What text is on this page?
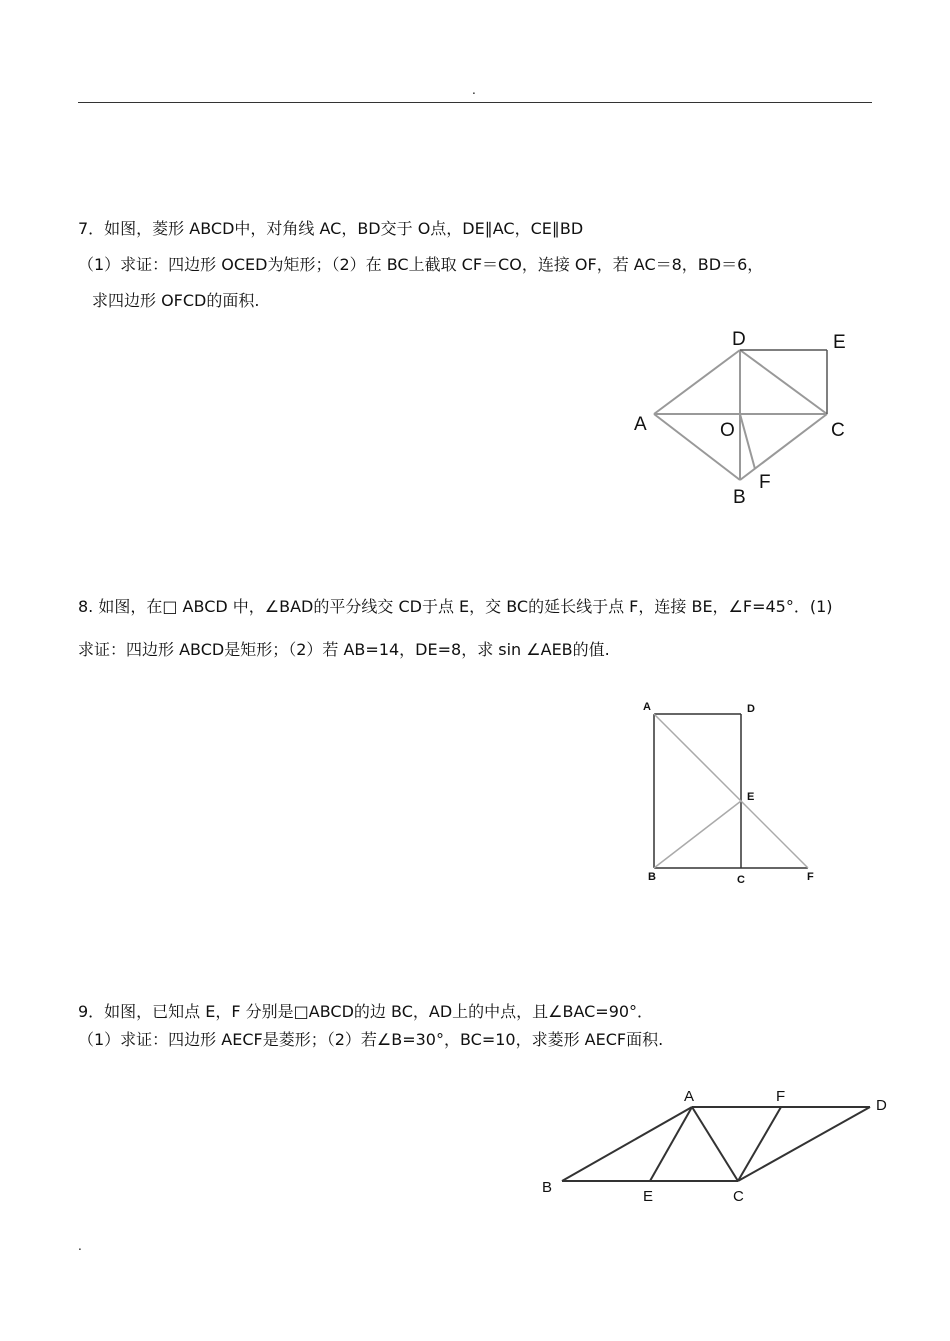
.
7．如图，菱形 ABCD中，对角线 AC，BD交于 O点，DE∥AC，CE∥BD
（1）求证：四边形 OCED为矩形；（2）在 BC上截取 CF＝CO，连接 OF，若 AC＝8，BD＝6，
求四边形 OFCD的面积.
A
B
C
D	E
F
O
8. 如图，在□ ABCD 中，∠BAD的平分线交 CD于点 E，交 BC的延长线于点 F，连接 BE，∠F=45°．(1)
求证：四边形 ABCD是矩形；（2）若 AB=14，DE=8，求 sin ∠AEB的值.
A	D
E
B	C	F
9．如图，已知点 E，F 分别是□ABCD的边 BC，AD上的中点，且∠BAC=90°．
（1）求证：四边形 AECF是菱形；（2）若∠B=30°，BC=10，求菱形 AECF面积.
A	F
D
B
E	C
.
